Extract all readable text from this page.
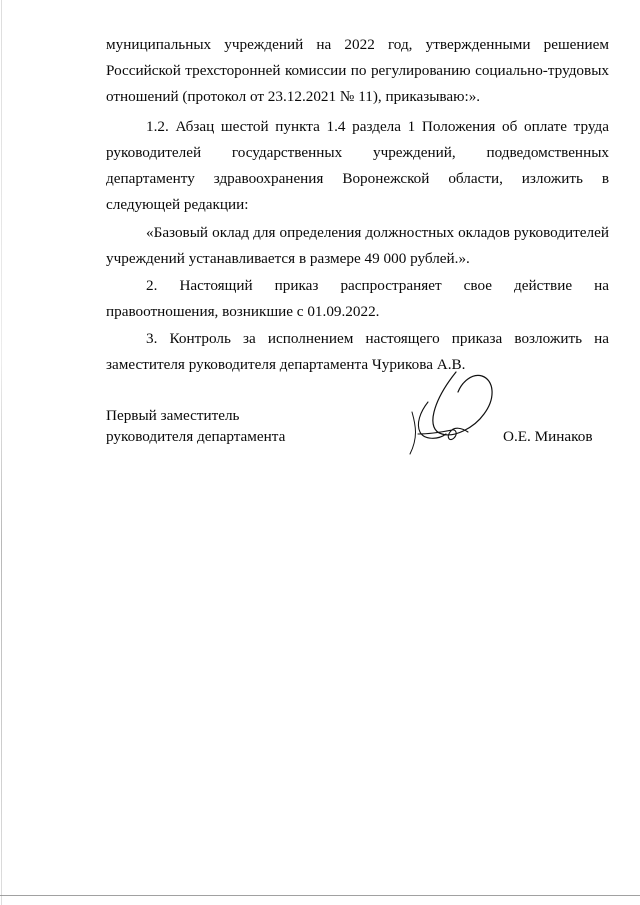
муниципальных учреждений на 2022 год, утвержденными решением
Российской трехсторонней комиссии по регулированию социально-трудовых
отношений (протокол от 23.12.2021 № 11), приказываю:».
1.2. Абзац шестой пункта 1.4 раздела 1 Положения об оплате труда
руководителей государственных учреждений, подведомственных
департаменту здравоохранения Воронежской области, изложить в
следующей редакции:
«Базовый оклад для определения должностных окладов руководителей
учреждений устанавливается в размере 49 000 рублей.».
2. Настоящий приказ распространяет свое действие на
правоотношения, возникшие с 01.09.2022.
3. Контроль за исполнением настоящего приказа возложить на
заместителя руководителя департамента Чурикова А.В.
Первый заместитель
руководителя департамента	О.Е. Минаков
